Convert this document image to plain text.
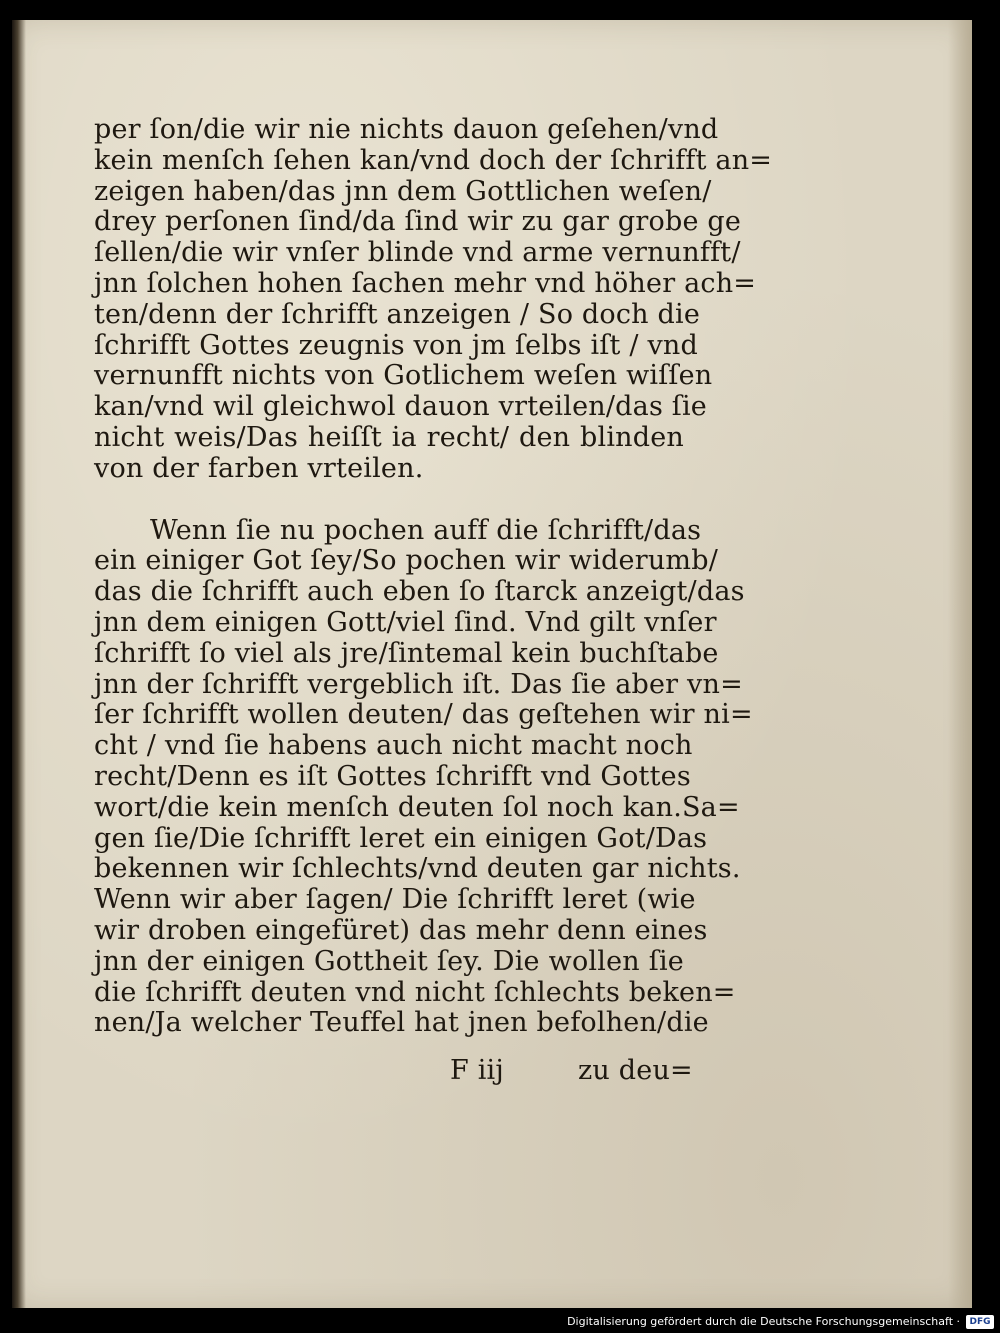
per ſon/die wir nie nichts dauon geſehen/vnd
kein menſch ſehen kan/vnd doch der ſchrifft an=
zeigen haben/das jnn dem Gottlichen weſen/
drey perſonen ſind/da ſind wir zu gar grobe ge
ſellen/die wir vnſer blinde vnd arme vernunfft/
jnn ſolchen hohen ſachen mehr vnd höher ach=
ten/denn der ſchrifft anzeigen / So doch die
ſchrifft Gottes zeugnis von jm ſelbs iſt / vnd
vernunfft nichts von Gotlichem weſen wiſſen
kan/vnd wil gleichwol dauon vrteilen/das ſie
nicht weis/Das heiſſt ia recht/ den blinden
von der farben vrteilen.
Wenn ſie nu pochen auff die ſchrifft/das
ein einiger Got ſey/So pochen wir widerumb/
das die ſchrifft auch eben ſo ſtarck anzeigt/das
jnn dem einigen Gott/viel ſind. Vnd gilt vnſer
ſchrifft ſo viel als jre/ſintemal kein buchſtabe
jnn der ſchrifft vergeblich iſt. Das ſie aber vn=
ſer ſchrifft wollen deuten/ das geſtehen wir ni=
cht / vnd ſie habens auch nicht macht noch
recht/Denn es iſt Gottes ſchrifft vnd Gottes
wort/die kein menſch deuten ſol noch kan.Sa=
gen ſie/Die ſchrifft leret ein einigen Got/Das
bekennen wir ſchlechts/vnd deuten gar nichts.
Wenn wir aber ſagen/ Die ſchrifft leret (wie
wir droben eingefüret) das mehr denn eines
jnn der einigen Gottheit ſey. Die wollen ſie
die ſchrifft deuten vnd nicht ſchlechts beken=
nen/Ja welcher Teuffel hat jnen befolhen/die
F iij	zu deu=
Digitalisierung gefördert durch die Deutsche Forschungsgemeinschaft ·	DFG
